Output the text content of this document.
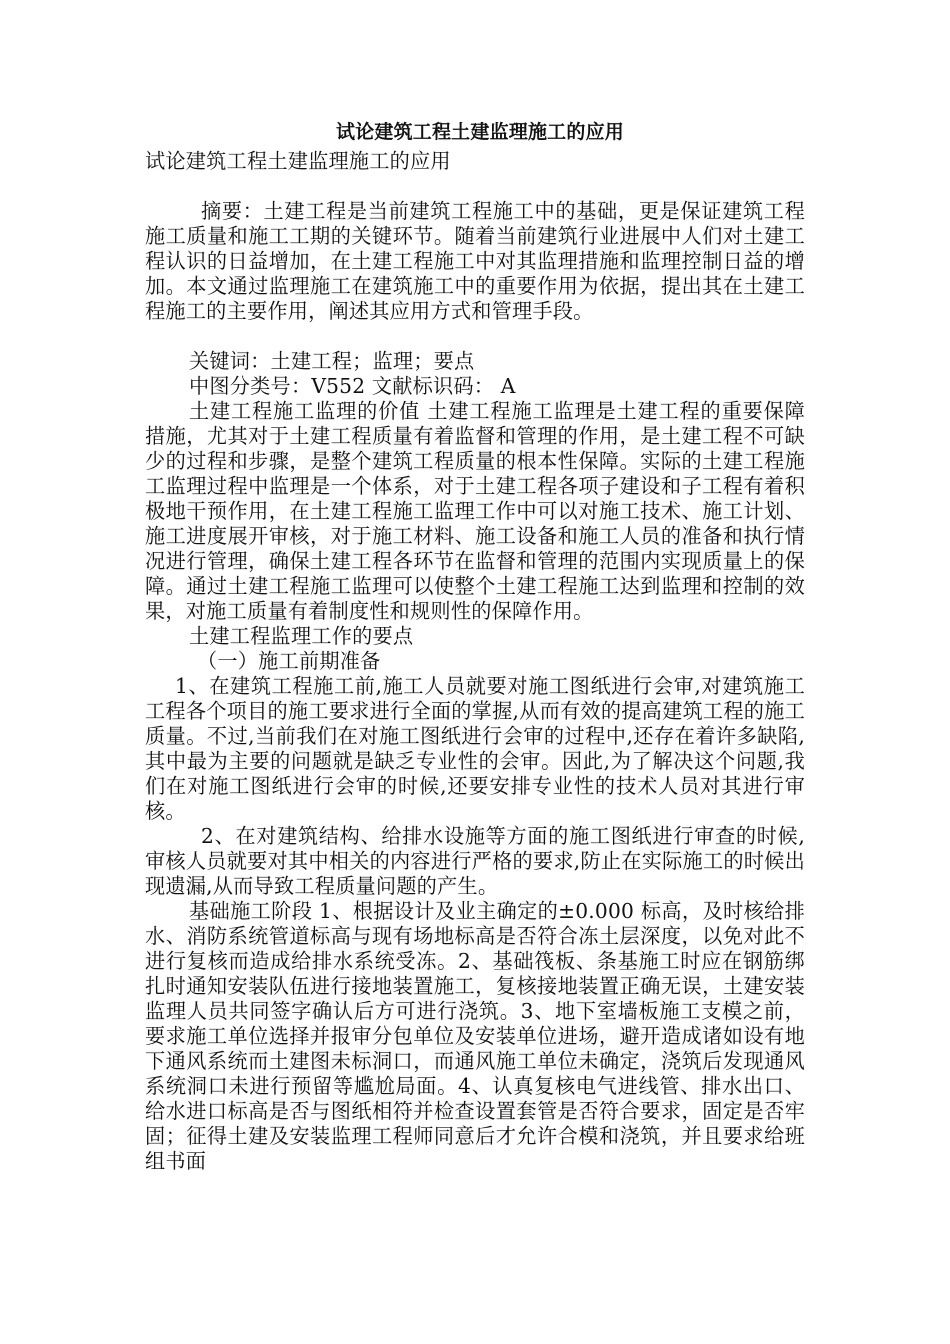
试论建筑工程土建监理施工的应用

试论建筑工程土建监理施工的应用

摘要：土建工程是当前建筑工程施工中的基础，更是保证建筑工程施工质量和施工工期的关键环节。随着当前建筑行业进展中人们对土建工程认识的日益增加，在土建工程施工中对其监理措施和监理控制日益的增加。本文通过监理施工在建筑施工中的重要作用为依据，提出其在土建工程施工的主要作用，阐述其应用方式和管理手段。

关键词：土建工程；监理；要点

中图分类号：V552 文献标识码： A

土建工程施工监理的价值 土建工程施工监理是土建工程的重要保障措施，尤其对于土建工程质量有着监督和管理的作用，是土建工程不可缺少的过程和步骤，是整个建筑工程质量的根本性保障。实际的土建工程施工监理过程中监理是一个体系，对于土建工程各项子建设和子工程有着积极地干预作用，在土建工程施工监理工作中可以对施工技术、施工计划、施工进度展开审核，对于施工材料、施工设备和施工人员的准备和执行情况进行管理，确保土建工程各环节在监督和管理的范围内实现质量上的保障。通过土建工程施工监理可以使整个土建工程施工达到监理和控制的效果，对施工质量有着制度性和规则性的保障作用。

土建工程监理工作的要点

（一）施工前期准备

1、在建筑工程施工前,施工人员就要对施工图纸进行会审,对建筑施工工程各个项目的施工要求进行全面的掌握,从而有效的提高建筑工程的施工质量。不过,当前我们在对施工图纸进行会审的过程中,还存在着许多缺陷,其中最为主要的问题就是缺乏专业性的会审。因此,为了解决这个问题,我们在对施工图纸进行会审的时候,还要安排专业性的技术人员对其进行审核。

2、在对建筑结构、给排水设施等方面的施工图纸进行审查的时候,审核人员就要对其中相关的内容进行严格的要求,防止在实际施工的时候出现遗漏,从而导致工程质量问题的产生。

基础施工阶段 1、根据设计及业主确定的±0.000 标高，及时核给排水、消防系统管道标高与现有场地标高是否符合冻土层深度，以免对此不进行复核而造成给排水系统受冻。2、基础筏板、条基施工时应在钢筋绑扎时通知安装队伍进行接地装置施工，复核接地装置正确无误，土建安装监理人员共同签字确认后方可进行浇筑。3、地下室墙板施工支模之前，要求施工单位选择并报审分包单位及安装单位进场，避开造成诸如设有地下通风系统而土建图未标洞口，而通风施工单位未确定，浇筑后发现通风系统洞口未进行预留等尴尬局面。4、认真复核电气进线管、排水出口、给水进口标高是否与图纸相符并检查设置套管是否符合要求，固定是否牢固；征得土建及安装监理工程师同意后才允许合模和浇筑，并且要求给班组书面
